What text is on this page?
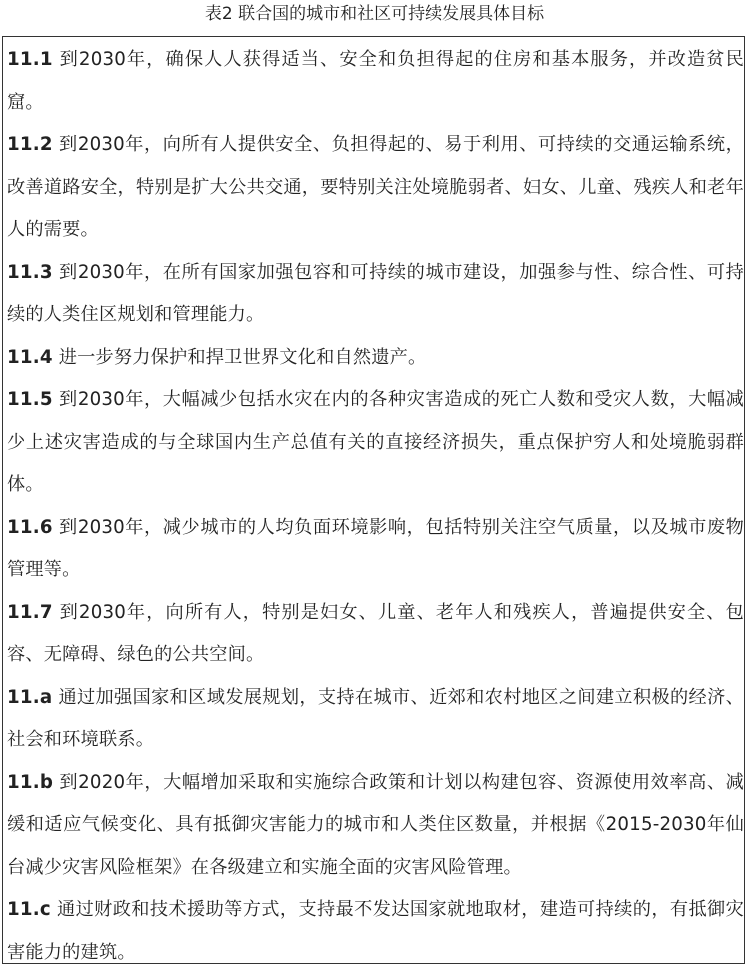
表2 联合国的城市和社区可持续发展具体目标

11.1 到2030年，确保人人获得适当、安全和负担得起的住房和基本服务，并改造贫民窟。

11.2 到2030年，向所有人提供安全、负担得起的、易于利用、可持续的交通运输系统，改善道路安全，特别是扩大公共交通，要特别关注处境脆弱者、妇女、儿童、残疾人和老年人的需要。

11.3 到2030年，在所有国家加强包容和可持续的城市建设，加强参与性、综合性、可持续的人类住区规划和管理能力。

11.4 进一步努力保护和捍卫世界文化和自然遗产。

11.5 到2030年，大幅减少包括水灾在内的各种灾害造成的死亡人数和受灾人数，大幅减少上述灾害造成的与全球国内生产总值有关的直接经济损失，重点保护穷人和处境脆弱群体。

11.6 到2030年，减少城市的人均负面环境影响，包括特别关注空气质量，以及城市废物管理等。

11.7 到2030年，向所有人，特别是妇女、儿童、老年人和残疾人，普遍提供安全、包容、无障碍、绿色的公共空间。

11.a 通过加强国家和区域发展规划，支持在城市、近郊和农村地区之间建立积极的经济、社会和环境联系。

11.b 到2020年，大幅增加采取和实施综合政策和计划以构建包容、资源使用效率高、减缓和适应气候变化、具有抵御灾害能力的城市和人类住区数量，并根据《2015-2030年仙台减少灾害风险框架》在各级建立和实施全面的灾害风险管理。

11.c 通过财政和技术援助等方式，支持最不发达国家就地取材，建造可持续的，有抵御灾害能力的建筑。
